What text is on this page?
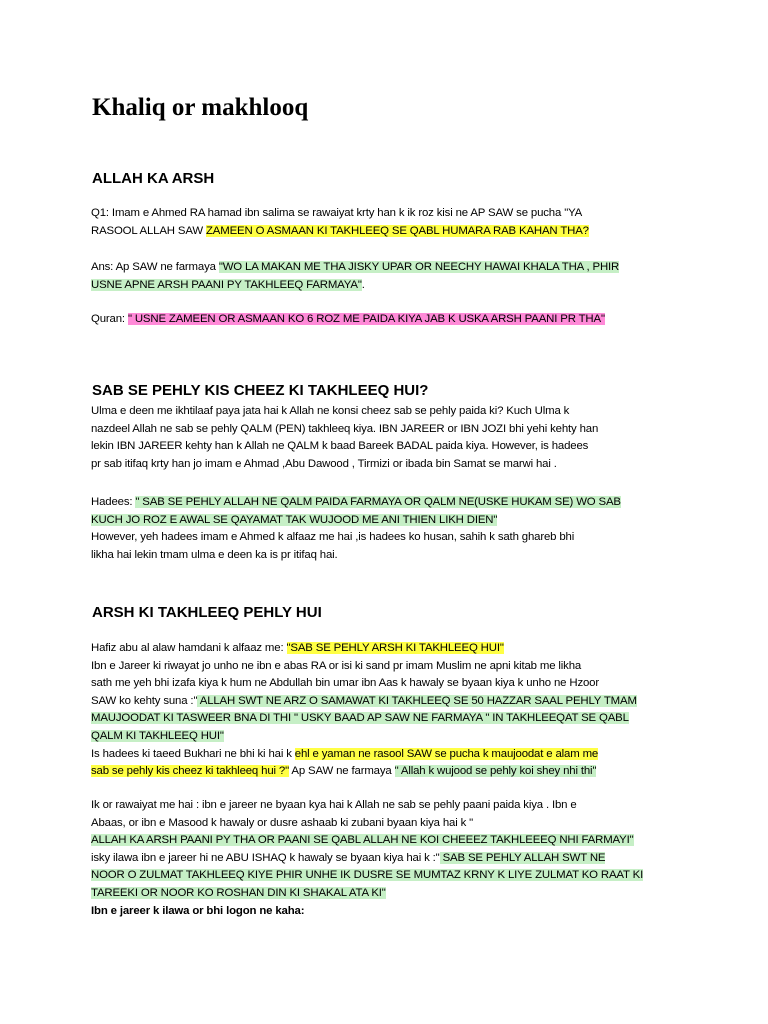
Khaliq or makhlooq
ALLAH KA ARSH
Q1: Imam e Ahmed RA hamad ibn salima se rawaiyat krty han k ik roz kisi ne AP SAW se pucha "YA
RASOOL ALLAH SAW ZAMEEN O ASMAAN KI TAKHLEEQ SE QABL HUMARA RAB KAHAN THA?
Ans: Ap SAW ne farmaya "WO LA MAKAN ME THA JISKY UPAR OR NEECHY HAWAI KHALA THA , PHIR
USNE APNE ARSH PAANI PY TAKHLEEQ FARMAYA".
Quran: " USNE ZAMEEN OR ASMAAN KO 6 ROZ ME PAIDA KIYA JAB K USKA ARSH PAANI PR THA"
SAB SE PEHLY KIS CHEEZ KI TAKHLEEQ HUI?
Ulma e deen me ikhtilaaf paya jata hai k Allah ne konsi cheez sab se pehly paida ki? Kuch Ulma k
nazdeel Allah ne sab se pehly QALM (PEN) takhleeq kiya. IBN JAREER or IBN JOZI bhi yehi kehty han
lekin IBN JAREER kehty han k Allah ne QALM k baad Bareek BADAL paida kiya. However, is hadees
pr sab itifaq krty han jo imam e Ahmad ,Abu Dawood , Tirmizi or ibada bin Samat se marwi hai .
Hadees: " SAB SE PEHLY ALLAH NE QALM PAIDA FARMAYA OR QALM NE(USKE HUKAM SE) WO SAB
KUCH JO ROZ E AWAL SE QAYAMAT TAK WUJOOD ME ANI THIEN LIKH DIEN"
However, yeh hadees imam e Ahmed k alfaaz me hai ,is hadees ko husan, sahih k sath ghareb bhi
likha hai lekin tmam ulma e deen ka is pr itifaq hai.
ARSH KI TAKHLEEQ PEHLY HUI
Hafiz abu al alaw hamdani k alfaaz me: "SAB SE PEHLY ARSH KI TAKHLEEQ HUI"
Ibn e Jareer ki riwayat jo unho ne ibn e abas RA or isi ki sand pr imam Muslim ne apni kitab me likha
sath me yeh bhi izafa kiya k hum ne Abdullah bin umar ibn Aas k hawaly se byaan kiya k unho ne Hzoor
SAW ko kehty suna :" ALLAH SWT NE ARZ O SAMAWAT KI TAKHLEEQ SE 50 HAZZAR SAAL PEHLY TMAM
MAUJOODAT KI TASWEER BNA DI THI " USKY BAAD AP SAW NE FARMAYA " IN TAKHLEEQAT SE QABL
QALM KI TAKHLEEQ HUI"
Is hadees ki taeed Bukhari ne bhi ki hai k ehl e yaman ne rasool SAW se pucha k maujoodat e alam me
sab se pehly kis cheez ki takhleeq hui ?" Ap SAW ne farmaya " Allah k wujood se pehly koi shey nhi thi"
Ik or rawaiyat me hai : ibn e jareer ne byaan kya hai k Allah ne sab se pehly paani paida kiya . Ibn e
Abaas, or ibn e Masood k hawaly or dusre ashaab ki zubani byaan kiya hai k "
ALLAH KA ARSH PAANI PY THA OR PAANI SE QABL ALLAH NE KOI CHEEEZ TAKHLEEEQ NHI FARMAYI"
isky ilawa ibn e jareer hi ne ABU ISHAQ k hawaly se byaan kiya hai k :" SAB SE PEHLY ALLAH SWT NE
NOOR O ZULMAT TAKHLEEQ KIYE PHIR UNHE IK DUSRE SE MUMTAZ KRNY K LIYE ZULMAT KO RAAT KI
TAREEKI OR NOOR KO ROSHAN DIN KI SHAKAL ATA KI"
Ibn e jareer k ilawa or bhi logon ne kaha:
